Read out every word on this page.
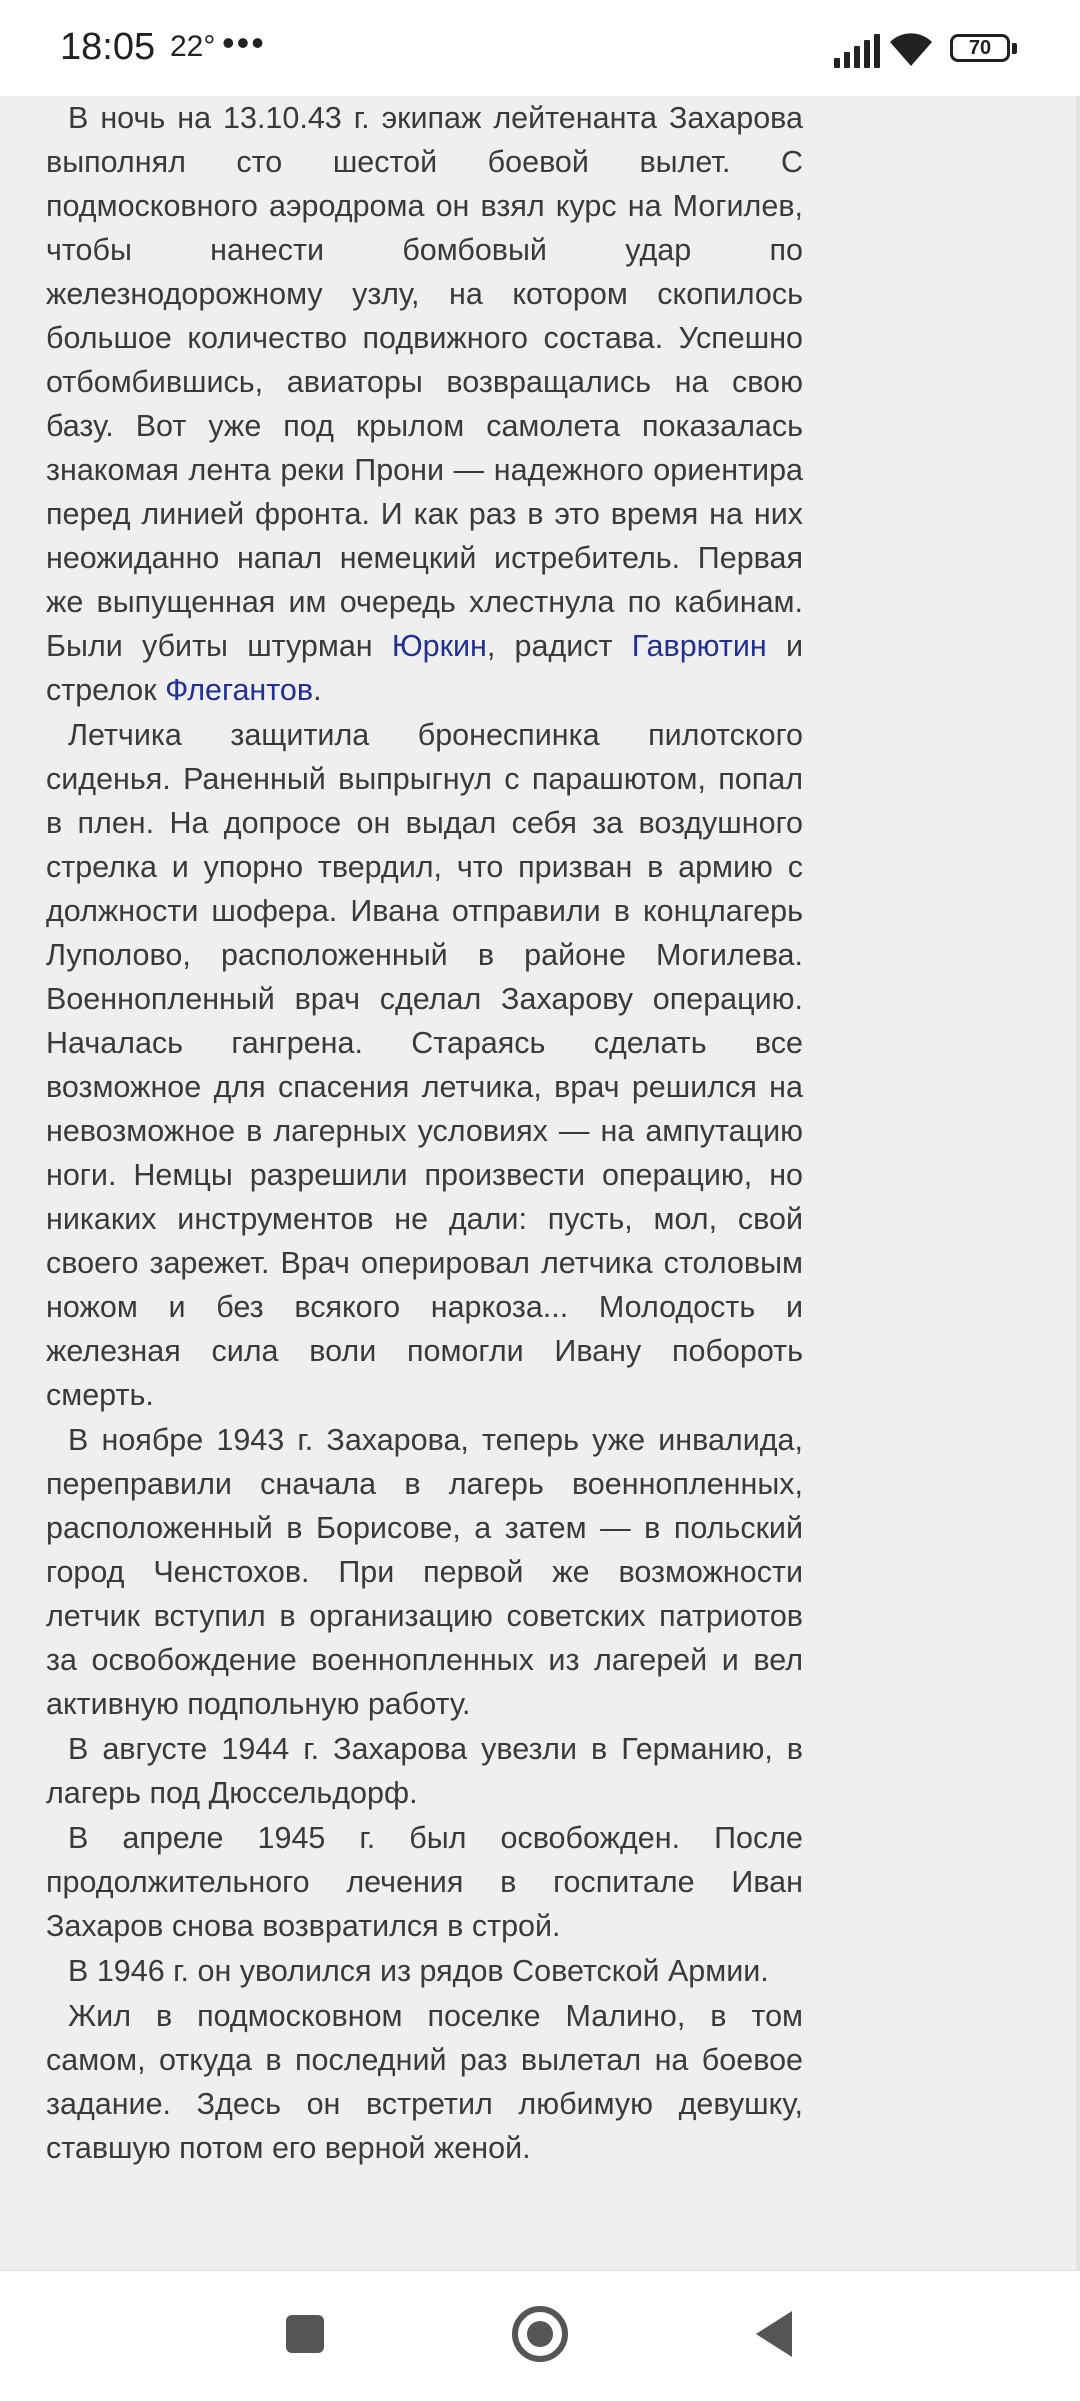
18:05 22° •••	70

В ночь на 13.10.43 г. экипаж лейтенанта Захарова выполнял сто шестой боевой вылет. С подмосковного аэродрома он взял курс на Могилев, чтобы нанести бомбовый удар по железнодорожному узлу, на котором скопилось большое количество подвижного состава. Успешно отбомбившись, авиаторы возвращались на свою базу. Вот уже под крылом самолета показалась знакомая лента реки Прони — надежного ориентира перед линией фронта. И как раз в это время на них неожиданно напал немецкий истребитель. Первая же выпущенная им очередь хлестнула по кабинам. Были убиты штурман Юркин, радист Гаврютин и стрелок Флегантов.

Летчика защитила бронеспинка пилотского сиденья. Раненный выпрыгнул с парашютом, попал в плен. На допросе он выдал себя за воздушного стрелка и упорно твердил, что призван в армию с должности шофера. Ивана отправили в концлагерь Луполово, расположенный в районе Могилева. Военнопленный врач сделал Захарову операцию. Началась гангрена. Стараясь сделать все возможное для спасения летчика, врач решился на невозможное в лагерных условиях — на ампутацию ноги. Немцы разрешили произвести операцию, но никаких инструментов не дали: пусть, мол, свой своего зарежет. Врач оперировал летчика столовым ножом и без всякого наркоза... Молодость и железная сила воли помогли Ивану побороть смерть.

В ноябре 1943 г. Захарова, теперь уже инвалида, переправили сначала в лагерь военнопленных, расположенный в Борисове, а затем — в польский город Ченстохов. При первой же возможности летчик вступил в организацию советских патриотов за освобождение военнопленных из лагерей и вел активную подпольную работу.

В августе 1944 г. Захарова увезли в Германию, в лагерь под Дюссельдорф.

В апреле 1945 г. был освобожден. После продолжительного лечения в госпитале Иван Захаров снова возвратился в строй.

В 1946 г. он уволился из рядов Советской Армии.

Жил в подмосковном поселке Малино, в том самом, откуда в последний раз вылетал на боевое задание. Здесь он встретил любимую девушку, ставшую потом его верной женой.
